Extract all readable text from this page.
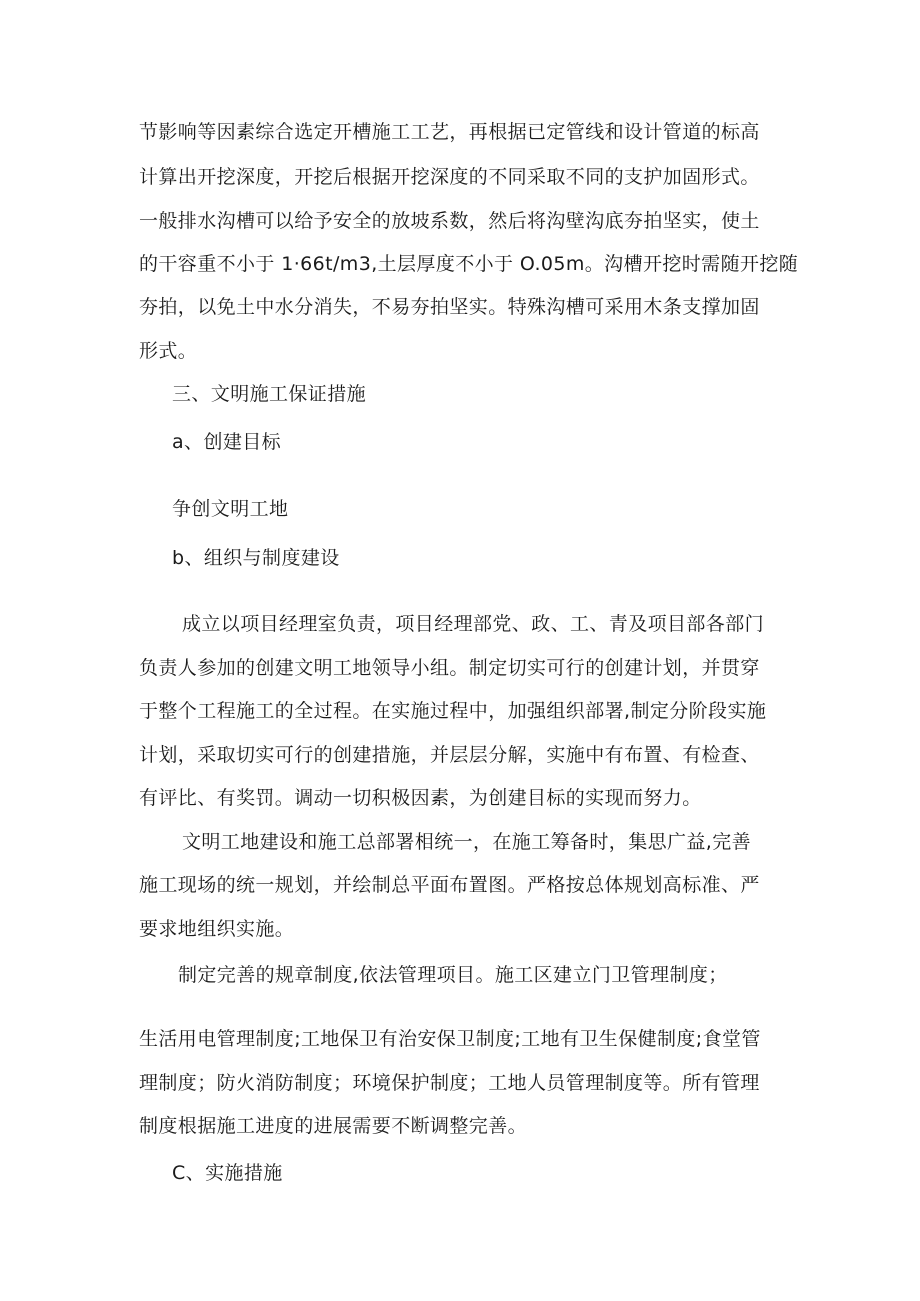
节影响等因素综合选定开槽施工工艺，再根据已定管线和设计管道的标高
计算出开挖深度，开挖后根据开挖深度的不同采取不同的支护加固形式。
一般排水沟槽可以给予安全的放坡系数，然后将沟壁沟底夯拍坚实，使土
的干容重不小于 1·66t∕m3,土层厚度不小于 O.05m。沟槽开挖时需随开挖随
夯拍，以免土中水分消失，不易夯拍坚实。特殊沟槽可采用木条支撑加固
形式。
三、文明施工保证措施
a、创建目标
争创文明工地
b、组织与制度建设
成立以项目经理室负责，项目经理部党、政、工、青及项目部各部门
负责人参加的创建文明工地领导小组。制定切实可行的创建计划，并贯穿
于整个工程施工的全过程。在实施过程中，加强组织部署,制定分阶段实施
计划，采取切实可行的创建措施，并层层分解，实施中有布置、有检查、
有评比、有奖罚。调动一切积极因素，为创建目标的实现而努力。
文明工地建设和施工总部署相统一，在施工筹备时，集思广益,完善
施工现场的统一规划，并绘制总平面布置图。严格按总体规划高标准、严
要求地组织实施。
制定完善的规章制度,依法管理项目。施工区建立门卫管理制度；
生活用电管理制度;工地保卫有治安保卫制度;工地有卫生保健制度;食堂管
理制度；防火消防制度；环境保护制度；工地人员管理制度等。所有管理
制度根据施工进度的进展需要不断调整完善。
C、实施措施
